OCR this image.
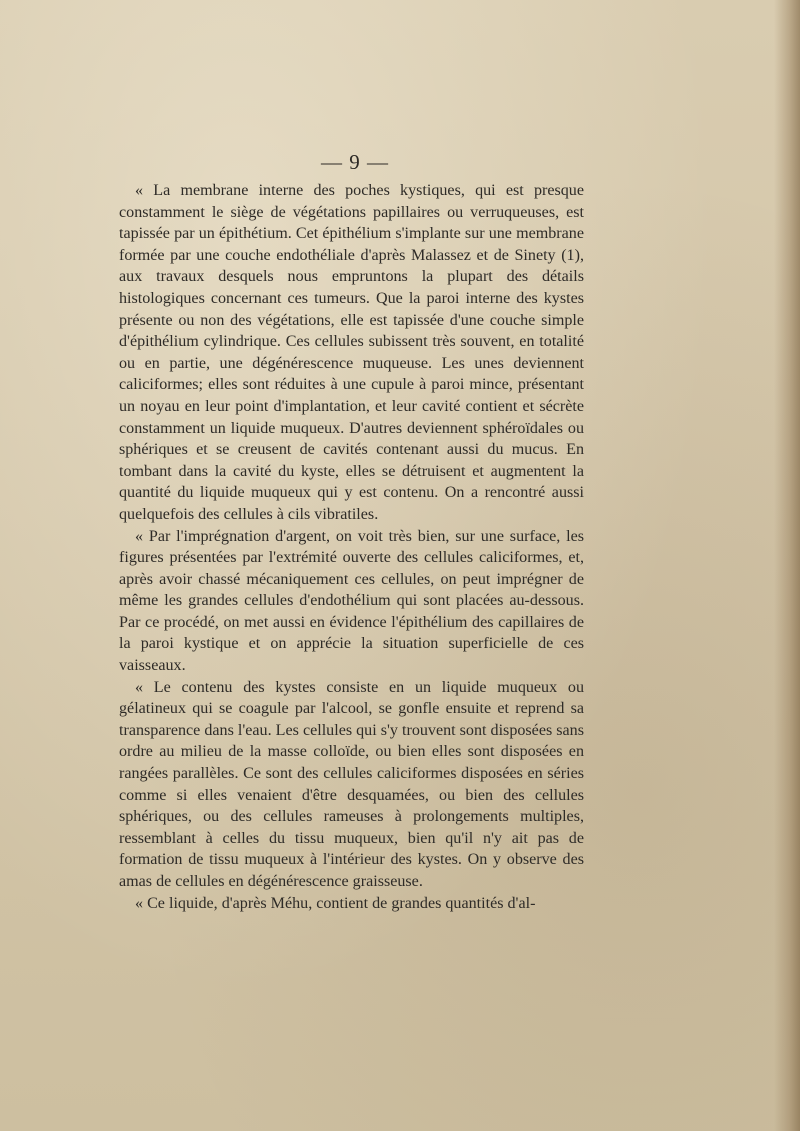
— 9 —

« La membrane interne des poches kystiques, qui est presque constamment le siège de végétations papillaires ou verruqueuses, est tapissée par un épithétium. Cet épithélium s'implante sur une membrane formée par une couche endothéliale d'après Malassez et de Sinety (1), aux travaux desquels nous empruntons la plupart des détails histologiques concernant ces tumeurs. Que la paroi interne des kystes présente ou non des végétations, elle est tapissée d'une couche simple d'épithélium cylindrique. Ces cellules subissent très souvent, en totalité ou en partie, une dégénérescence muqueuse. Les unes deviennent caliciformes; elles sont réduites à une cupule à paroi mince, présentant un noyau en leur point d'implantation, et leur cavité contient et sécrète constamment un liquide muqueux. D'autres deviennent sphéroïdales ou sphériques et se creusent de cavités contenant aussi du mucus. En tombant dans la cavité du kyste, elles se détruisent et augmentent la quantité du liquide muqueux qui y est contenu. On a rencontré aussi quelquefois des cellules à cils vibratiles.

« Par l'imprégnation d'argent, on voit très bien, sur une surface, les figures présentées par l'extrémité ouverte des cellules caliciformes, et, après avoir chassé mécaniquement ces cellules, on peut imprégner de même les grandes cellules d'endothélium qui sont placées au-dessous. Par ce procédé, on met aussi en évidence l'épithélium des capillaires de la paroi kystique et on apprécie la situation superficielle de ces vaisseaux.

« Le contenu des kystes consiste en un liquide muqueux ou gélatineux qui se coagule par l'alcool, se gonfle ensuite et reprend sa transparence dans l'eau. Les cellules qui s'y trouvent sont disposées sans ordre au milieu de la masse colloïde, ou bien elles sont disposées en rangées parallèles. Ce sont des cellules caliciformes disposées en séries comme si elles venaient d'être desquamées, ou bien des cellules sphériques, ou des cellules rameuses à prolongements multiples, ressemblant à celles du tissu muqueux, bien qu'il n'y ait pas de formation de tissu muqueux à l'intérieur des kystes. On y observe des amas de cellules en dégénérescence graisseuse.

« Ce liquide, d'après Méhu, contient de grandes quantités d'al-
